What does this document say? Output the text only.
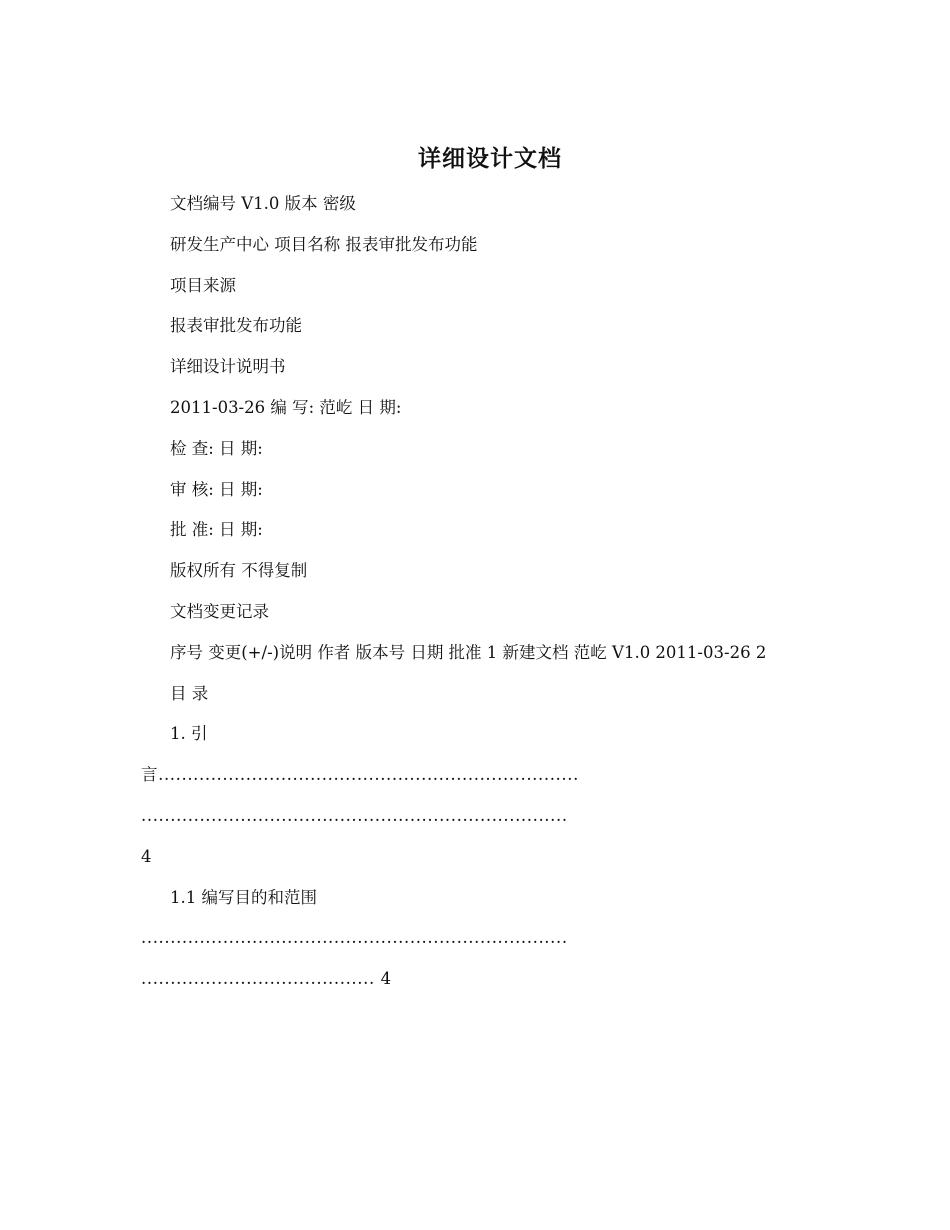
详细设计文档

文档编号 V1.0 版本 密级

研发生产中心 项目名称 报表审批发布功能

项目来源

报表审批发布功能

详细设计说明书

2011-03-26 编 写: 范屹 日 期:

检 查: 日 期:

审 核: 日 期:

批 准: 日 期:

版权所有 不得复制

文档变更记录

序号 变更(+/-)说明 作者 版本号 日期 批准 1 新建文档 范屹 V1.0 2011-03-26 2

目 录

1. 引

言........................................................................

.........................................................................

4

1.1 编写目的和范围

.........................................................................

........................................ 4
